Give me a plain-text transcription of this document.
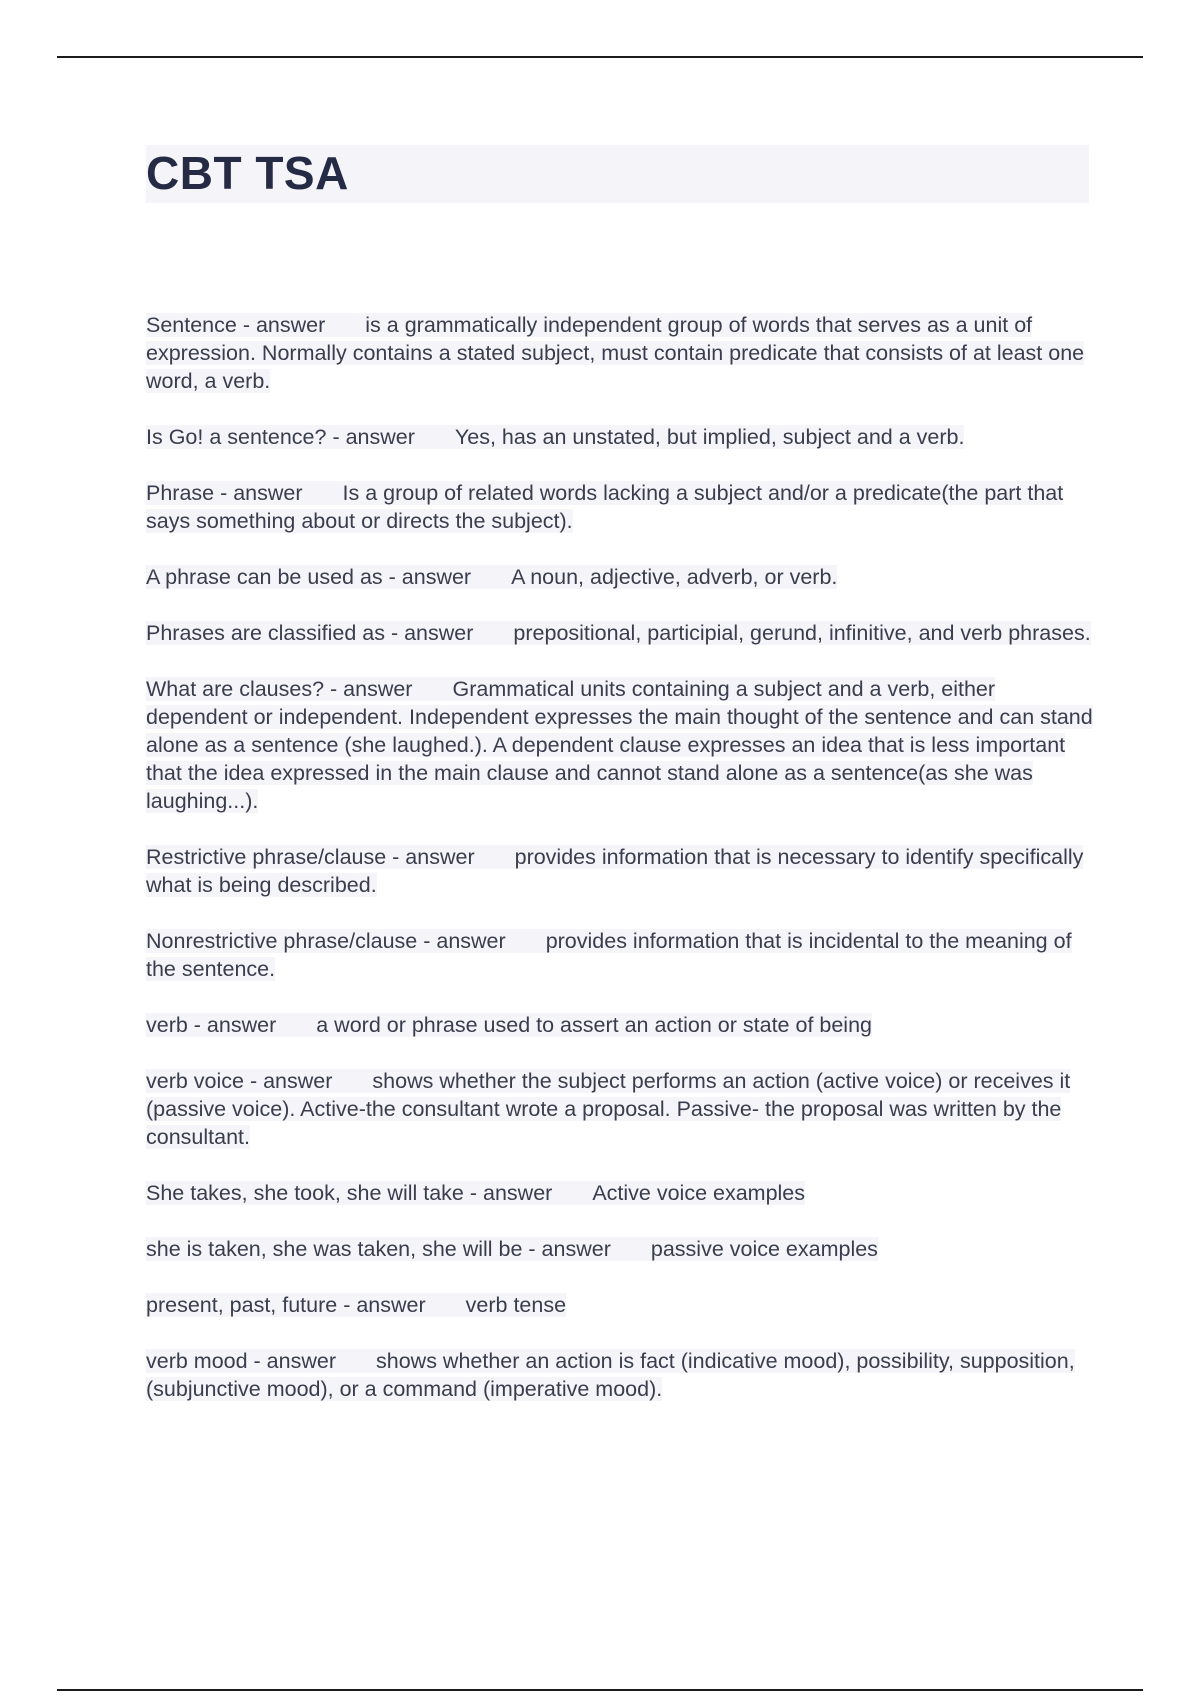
CBT TSA
Sentence - answer is a grammatically independent group of words that serves as a unit of expression. Normally contains a stated subject, must contain predicate that consists of at least one word, a verb.
Is Go! a sentence? - answer Yes, has an unstated, but implied, subject and a verb.
Phrase - answer Is a group of related words lacking a subject and/or a predicate(the part that says something about or directs the subject).
A phrase can be used as - answer A noun, adjective, adverb, or verb.
Phrases are classified as - answer prepositional, participial, gerund, infinitive, and verb phrases.
What are clauses? - answer Grammatical units containing a subject and a verb, either dependent or independent. Independent expresses the main thought of the sentence and can stand alone as a sentence (she laughed.). A dependent clause expresses an idea that is less important that the idea expressed in the main clause and cannot stand alone as a sentence(as she was laughing...).
Restrictive phrase/clause - answer provides information that is necessary to identify specifically what is being described.
Nonrestrictive phrase/clause - answer provides information that is incidental to the meaning of the sentence.
verb - answer a word or phrase used to assert an action or state of being
verb voice - answer shows whether the subject performs an action (active voice) or receives it (passive voice). Active-the consultant wrote a proposal. Passive- the proposal was written by the consultant.
She takes, she took, she will take - answer Active voice examples
she is taken, she was taken, she will be - answer passive voice examples
present, past, future - answer verb tense
verb mood - answer shows whether an action is fact (indicative mood), possibility, supposition, (subjunctive mood), or a command (imperative mood).
